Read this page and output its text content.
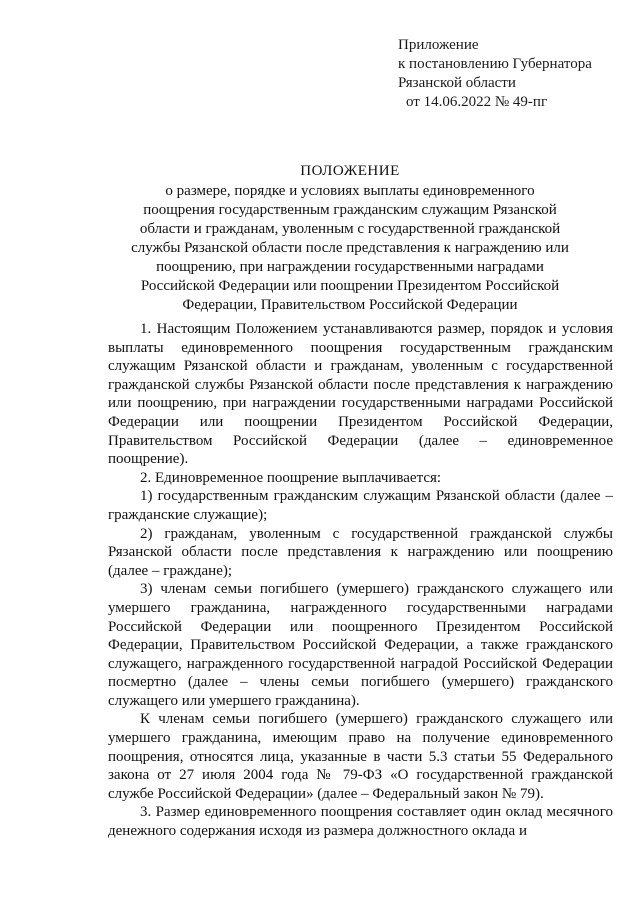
Приложение
к постановлению Губернатора
Рязанской области
от 14.06.2022 № 49-пг
ПОЛОЖЕНИЕ
о размере, порядке и условиях выплаты единовременного
поощрения государственным гражданским служащим Рязанской
области и гражданам, уволенным с государственной гражданской
службы Рязанской области после представления к награждению или
поощрению, при награждении государственными наградами
Российской Федерации или поощрении Президентом Российской
Федерации, Правительством Российской Федерации

1. Настоящим Положением устанавливаются размер, порядок и условия выплаты единовременного поощрения государственным гражданским служащим Рязанской области и гражданам, уволенным с государственной гражданской службы Рязанской области после представления к награждению или поощрению, при награждении государственными наградами Российской Федерации или поощрении Президентом Российской Федерации, Правительством Российской Федерации (далее – единовременное поощрение).

2. Единовременное поощрение выплачивается:

1) государственным гражданским служащим Рязанской области (далее – гражданские служащие);

2) гражданам, уволенным с государственной гражданской службы Рязанской области после представления к награждению или поощрению (далее – граждане);

3) членам семьи погибшего (умершего) гражданского служащего или умершего гражданина, награжденного государственными наградами Российской Федерации или поощренного Президентом Российской Федерации, Правительством Российской Федерации, а также гражданского служащего, награжденного государственной наградой Российской Федерации посмертно (далее – члены семьи погибшего (умершего) гражданского служащего или умершего гражданина).

К членам семьи погибшего (умершего) гражданского служащего или умершего гражданина, имеющим право на получение единовременного поощрения, относятся лица, указанные в части 5.3 статьи 55 Федерального закона от 27 июля 2004 года № 79-ФЗ «О государственной гражданской службе Российской Федерации» (далее – Федеральный закон № 79).

3. Размер единовременного поощрения составляет один оклад месячного денежного содержания исходя из размера должностного оклада и
